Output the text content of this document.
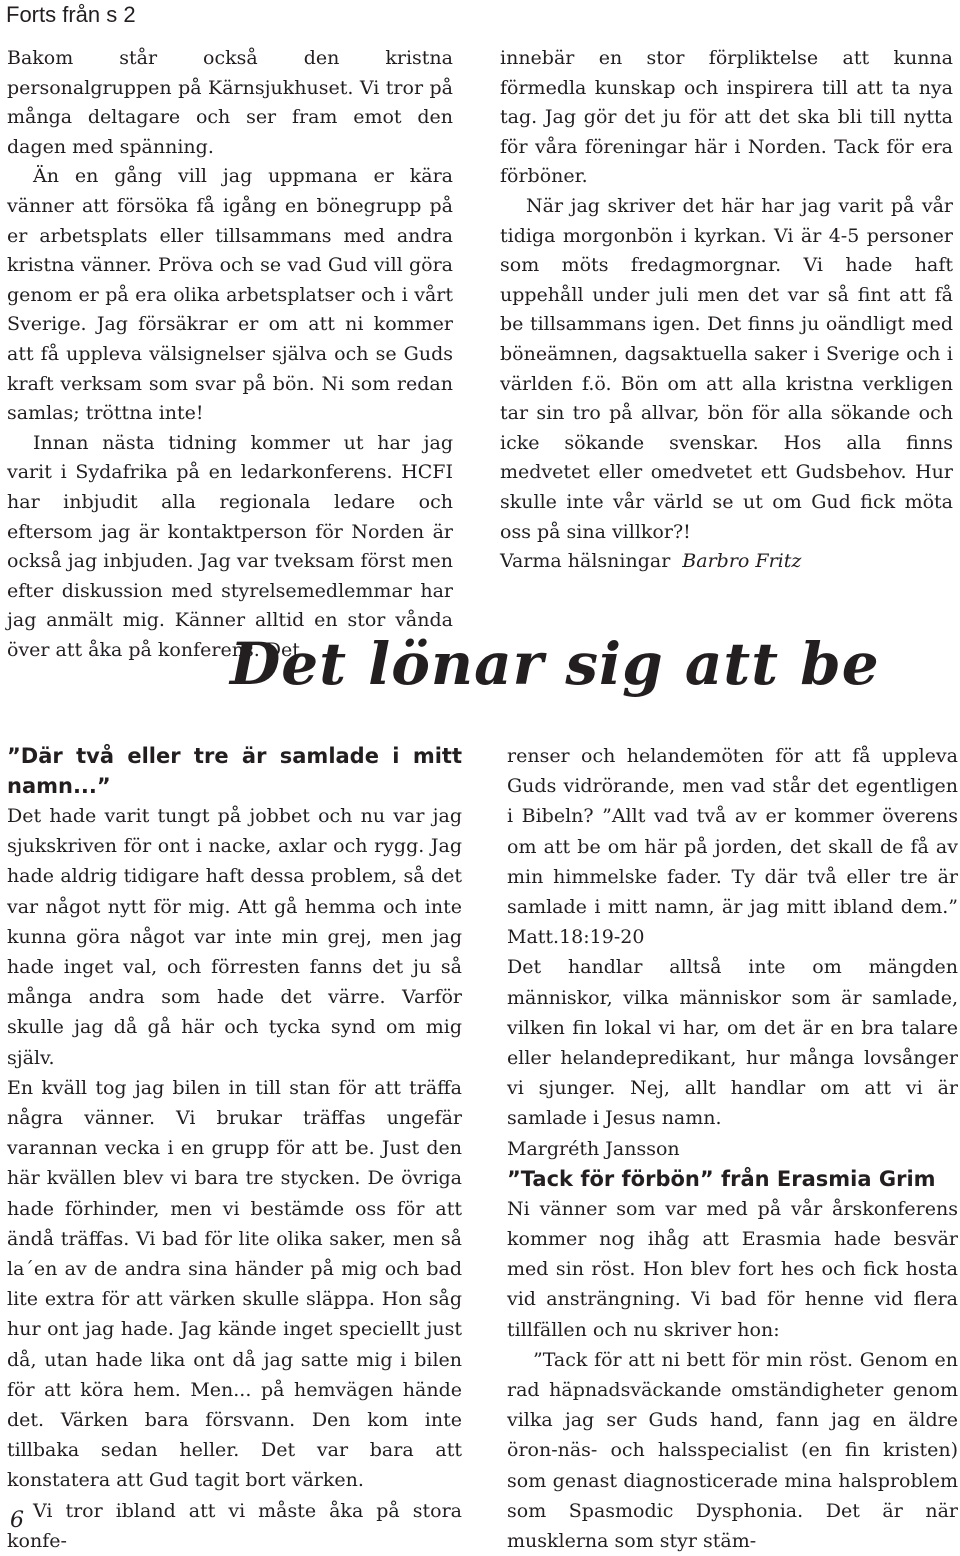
Forts från s 2

Bakom står också den kristna personalgruppen på Kärnsjukhuset. Vi tror på många deltagare och ser fram emot den dagen med spänning.

Än en gång vill jag uppmana er kära vänner att försöka få igång en bönegrupp på er arbetsplats eller tillsammans med andra kristna vänner. Pröva och se vad Gud vill göra genom er på era olika arbetsplatser och i vårt Sverige. Jag försäkrar er om att ni kommer att få uppleva välsignelser själva och se Guds kraft verksam som svar på bön. Ni som redan samlas; tröttna inte!

Innan nästa tidning kommer ut har jag varit i Sydafrika på en ledarkonferens. HCFI har inbjudit alla regionala ledare och eftersom jag är kontaktperson för Norden är också jag inbjuden. Jag var tveksam först men efter diskussion med styrelsemedlemmar har jag anmält mig. Känner alltid en stor vånda över att åka på konferens. Det

innebär en stor förpliktelse att kunna förmedla kunskap och inspirera till att ta nya tag. Jag gör det ju för att det ska bli till nytta för våra föreningar här i Norden. Tack för era förböner.

När jag skriver det här har jag varit på vår tidiga morgonbön i kyrkan. Vi är 4-5 personer som möts fredagmorgnar. Vi hade haft uppehåll under juli men det var så fint att få be tillsammans igen. Det finns ju oändligt med böneämnen, dagsaktuella saker i Sverige och i världen f.ö. Bön om att alla kristna verkligen tar sin tro på allvar, bön för alla sökande och icke sökande svenskar. Hos alla finns medvetet eller omedvetet ett Gudsbehov. Hur skulle inte vår värld se ut om Gud fick möta oss på sina villkor?!

Varma hälsningar Barbro Fritz

Det lönar sig att be

”Där två eller tre är samlade i mitt namn...”

Det hade varit tungt på jobbet och nu var jag sjukskriven för ont i nacke, axlar och rygg. Jag hade aldrig tidigare haft dessa problem, så det var något nytt för mig. Att gå hemma och inte kunna göra något var inte min grej, men jag hade inget val, och förresten fanns det ju så många andra som hade det värre. Varför skulle jag då gå här och tycka synd om mig själv.

En kväll tog jag bilen in till stan för att träffa några vänner. Vi brukar träffas ungefär varannan vecka i en grupp för att be. Just den här kvällen blev vi bara tre stycken. De övriga hade förhinder, men vi bestämde oss för att ändå träffas. Vi bad för lite olika saker, men så la´en av de andra sina händer på mig och bad lite extra för att värken skulle släppa. Hon såg hur ont jag hade. Jag kände inget speciellt just då, utan hade lika ont då jag satte mig i bilen för att köra hem. Men... på hemvägen hände det. Värken bara försvann. Den kom inte tillbaka sedan heller. Det var bara att konstatera att Gud tagit bort värken.

Vi tror ibland att vi måste åka på stora konfe-

renser och helandemöten för att få uppleva Guds vidrörande, men vad står det egentligen i Bibeln? ”Allt vad två av er kommer överens om att be om här på jorden, det skall de få av min himmelske fader. Ty där två eller tre är samlade i mitt namn, är jag mitt ibland dem.” Matt.18:19-20

Det handlar alltså inte om mängden människor, vilka människor som är samlade, vilken fin lokal vi har, om det är en bra talare eller helandepredikant, hur många lovsånger vi sjunger. Nej, allt handlar om att vi är samlade i Jesus namn.

Margréth Jansson

”Tack för förbön” från Erasmia Grim

Ni vänner som var med på vår årskonferens kommer nog ihåg att Erasmia hade besvär med sin röst. Hon blev fort hes och fick hosta vid ansträngning. Vi bad för henne vid flera tillfällen och nu skriver hon:

”Tack för att ni bett för min röst. Genom en rad häpnadsväckande omständigheter genom vilka jag ser Guds hand, fann jag en äldre öron-näs- och halsspecialist (en fin kristen) som genast diagnosticerade mina halsproblem som Spasmodic Dysphonia. Det är när musklerna som styr stäm-

6
